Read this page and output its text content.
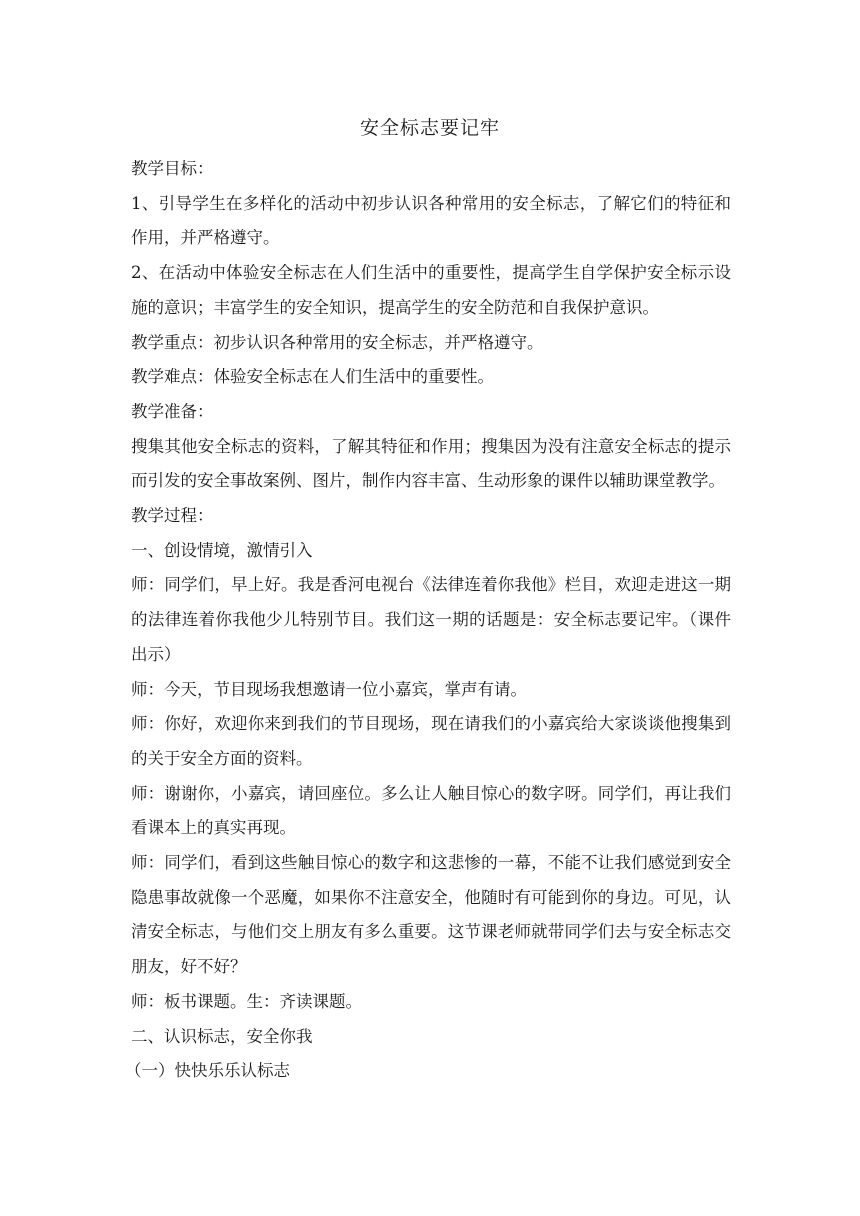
安全标志要记牢

教学目标：

1、引导学生在多样化的活动中初步认识各种常用的安全标志，了解它们的特征和作用，并严格遵守。

2、在活动中体验安全标志在人们生活中的重要性，提高学生自学保护安全标示设施的意识；丰富学生的安全知识，提高学生的安全防范和自我保护意识。

教学重点：初步认识各种常用的安全标志，并严格遵守。

教学难点：体验安全标志在人们生活中的重要性。

教学准备：

搜集其他安全标志的资料，了解其特征和作用；搜集因为没有注意安全标志的提示而引发的安全事故案例、图片，制作内容丰富、生动形象的课件以辅助课堂教学。

教学过程：

一、创设情境，激情引入

师：同学们，早上好。我是香河电视台《法律连着你我他》栏目，欢迎走进这一期的法律连着你我他少儿特别节目。我们这一期的话题是：安全标志要记牢。（课件出示）

师：今天，节目现场我想邀请一位小嘉宾，掌声有请。

师：你好，欢迎你来到我们的节目现场，现在请我们的小嘉宾给大家谈谈他搜集到的关于安全方面的资料。

师：谢谢你，小嘉宾，请回座位。多么让人触目惊心的数字呀。同学们，再让我们看课本上的真实再现。

师：同学们，看到这些触目惊心的数字和这悲惨的一幕，不能不让我们感觉到安全隐患事故就像一个恶魔，如果你不注意安全，他随时有可能到你的身边。可见，认清安全标志，与他们交上朋友有多么重要。这节课老师就带同学们去与安全标志交朋友，好不好？

师：板书课题。生：齐读课题。

二、认识标志，安全你我

（一）快快乐乐认标志
